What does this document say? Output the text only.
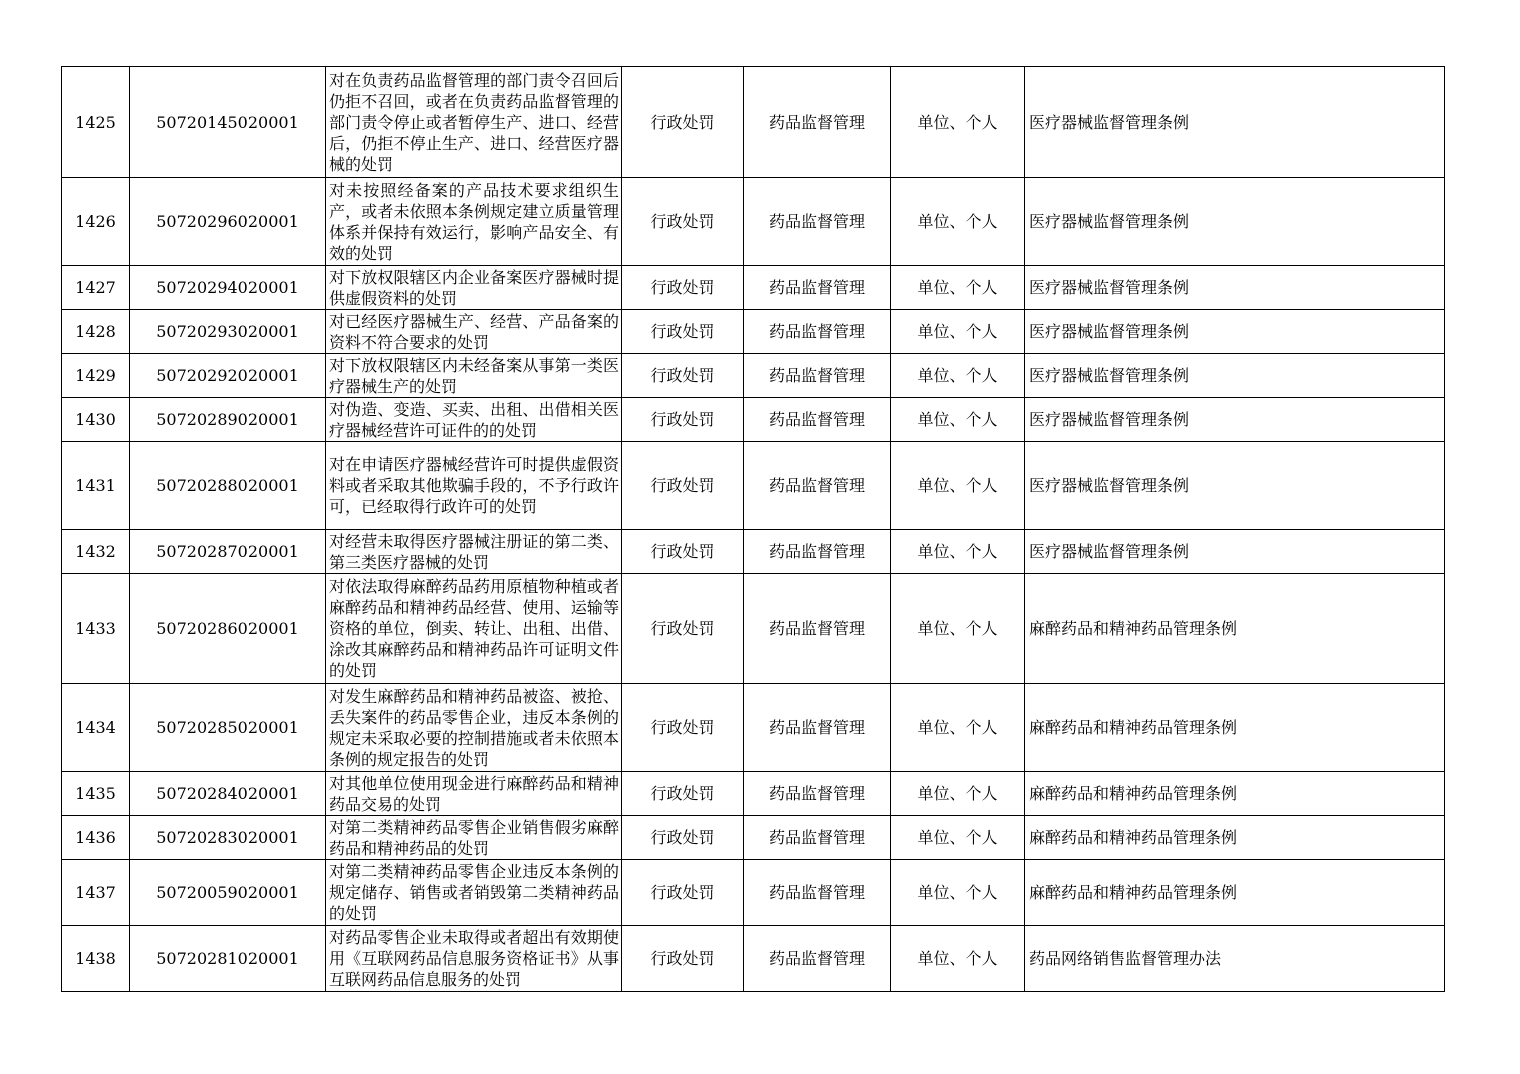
1425	50720145020001	对在负责药品监督管理的部门责令召回后仍拒不召回，或者在负责药品监督管理的部门责令停止或者暂停生产、进口、经营后，仍拒不停止生产、进口、经营医疗器械的处罚	行政处罚	药品监督管理	单位、个人	医疗器械监督管理条例
1426	50720296020001	对未按照经备案的产品技术要求组织生产，或者未依照本条例规定建立质量管理体系并保持有效运行，影响产品安全、有效的处罚	行政处罚	药品监督管理	单位、个人	医疗器械监督管理条例
1427	50720294020001	对下放权限辖区内企业备案医疗器械时提供虚假资料的处罚	行政处罚	药品监督管理	单位、个人	医疗器械监督管理条例
1428	50720293020001	对已经医疗器械生产、经营、产品备案的资料不符合要求的处罚	行政处罚	药品监督管理	单位、个人	医疗器械监督管理条例
1429	50720292020001	对下放权限辖区内未经备案从事第一类医疗器械生产的处罚	行政处罚	药品监督管理	单位、个人	医疗器械监督管理条例
1430	50720289020001	对伪造、变造、买卖、出租、出借相关医疗器械经营许可证件的的处罚	行政处罚	药品监督管理	单位、个人	医疗器械监督管理条例
1431	50720288020001	对在申请医疗器械经营许可时提供虚假资料或者采取其他欺骗手段的，不予行政许可，已经取得行政许可的处罚	行政处罚	药品监督管理	单位、个人	医疗器械监督管理条例
1432	50720287020001	对经营未取得医疗器械注册证的第二类、第三类医疗器械的处罚	行政处罚	药品监督管理	单位、个人	医疗器械监督管理条例
1433	50720286020001	对依法取得麻醉药品药用原植物种植或者麻醉药品和精神药品经营、使用、运输等资格的单位，倒卖、转让、出租、出借、涂改其麻醉药品和精神药品许可证明文件的处罚	行政处罚	药品监督管理	单位、个人	麻醉药品和精神药品管理条例
1434	50720285020001	对发生麻醉药品和精神药品被盗、被抢、丢失案件的药品零售企业，违反本条例的规定未采取必要的控制措施或者未依照本条例的规定报告的处罚	行政处罚	药品监督管理	单位、个人	麻醉药品和精神药品管理条例
1435	50720284020001	对其他单位使用现金进行麻醉药品和精神药品交易的处罚	行政处罚	药品监督管理	单位、个人	麻醉药品和精神药品管理条例
1436	50720283020001	对第二类精神药品零售企业销售假劣麻醉药品和精神药品的处罚	行政处罚	药品监督管理	单位、个人	麻醉药品和精神药品管理条例
1437	50720059020001	对第二类精神药品零售企业违反本条例的规定储存、销售或者销毁第二类精神药品的处罚	行政处罚	药品监督管理	单位、个人	麻醉药品和精神药品管理条例
1438	50720281020001	对药品零售企业未取得或者超出有效期使用《互联网药品信息服务资格证书》从事互联网药品信息服务的处罚	行政处罚	药品监督管理	单位、个人	药品网络销售监督管理办法
